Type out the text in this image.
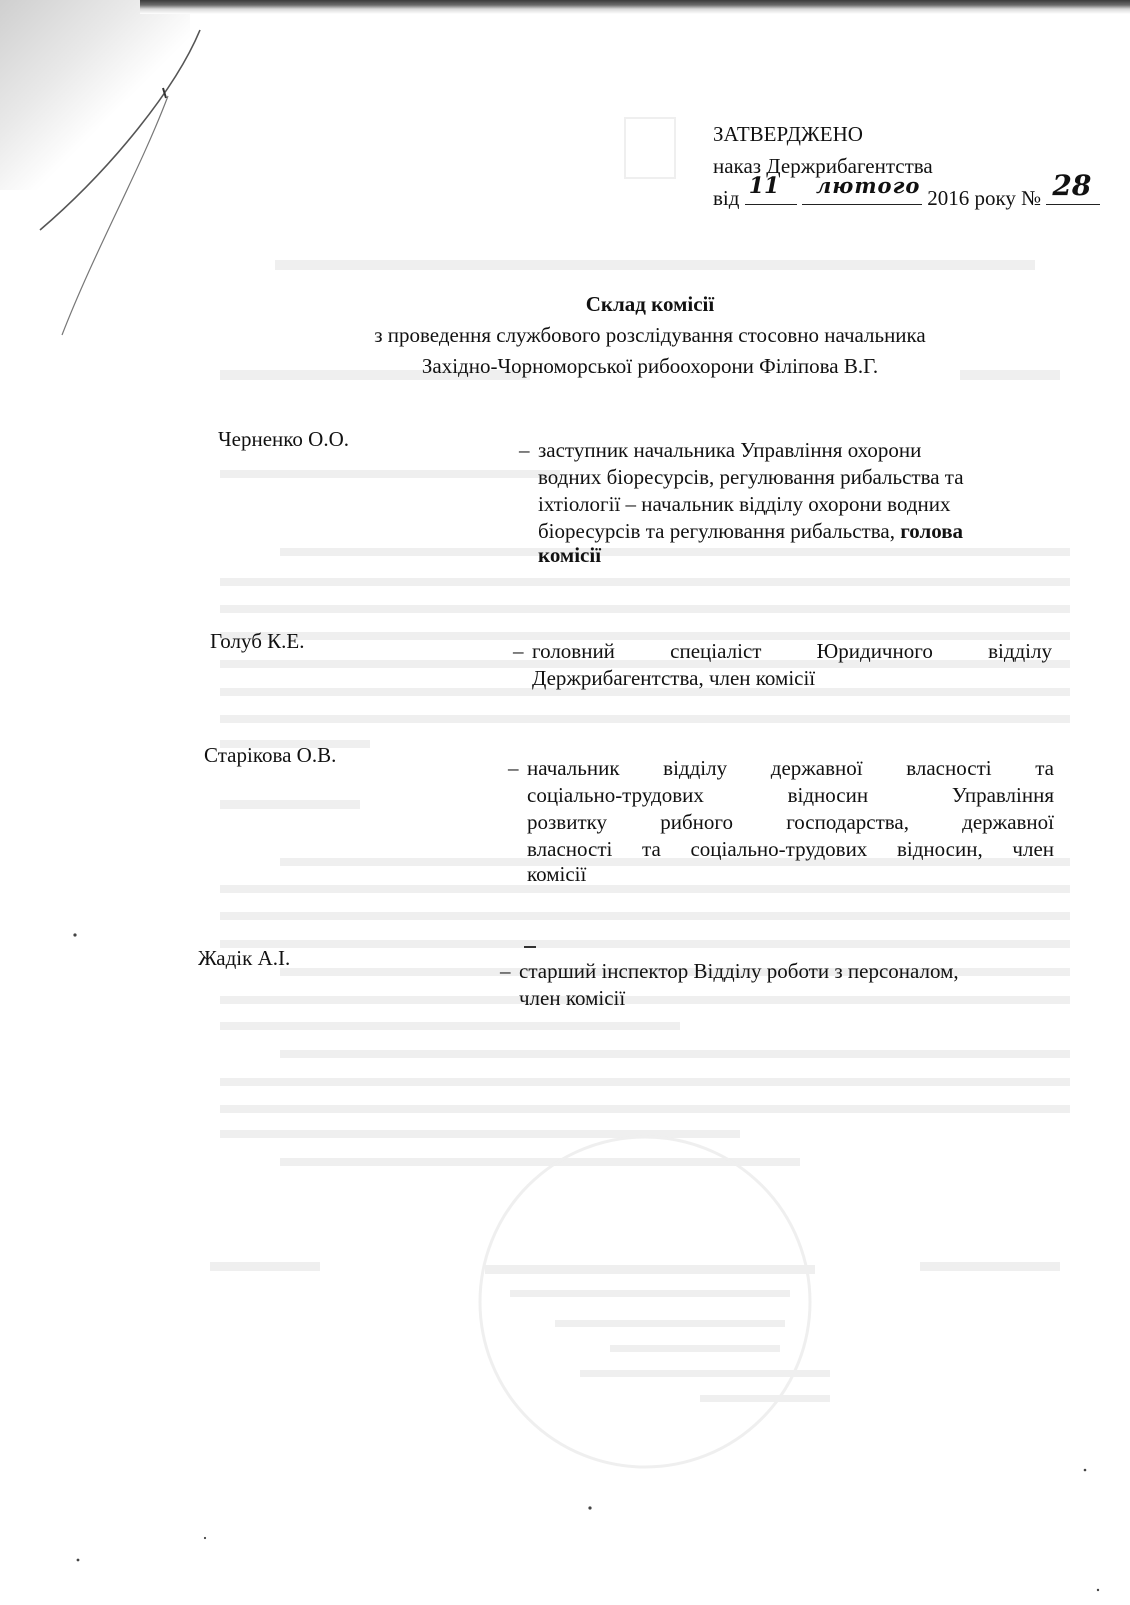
ЗАТВЕРДЖЕНО
наказ Держрибагентства
від 11
лютого 2016 року № 28
Склад комісії
з проведення службового розслідування стосовно начальника
Західно-Чорноморської рибоохорони Філіпова В.Г.
Черненко О.О.	– заступник начальника Управління охорони
водних біоресурсів, регулювання рибальства та
іхтіології – начальник відділу охорони водних
біоресурсів та регулювання рибальства, голова
комісії
Голуб К.Е.	– головний спеціаліст Юридичного відділу
Держрибагентства, член комісії
Старікова О.В.
– начальник відділу державної власності та
соціально-трудових відносин Управління
розвитку рибного господарства, державної
власності та соціально-трудових відносин, член
комісії
Жадік А.І.
– старший інспектор Відділу роботи з персоналом,
член комісії
